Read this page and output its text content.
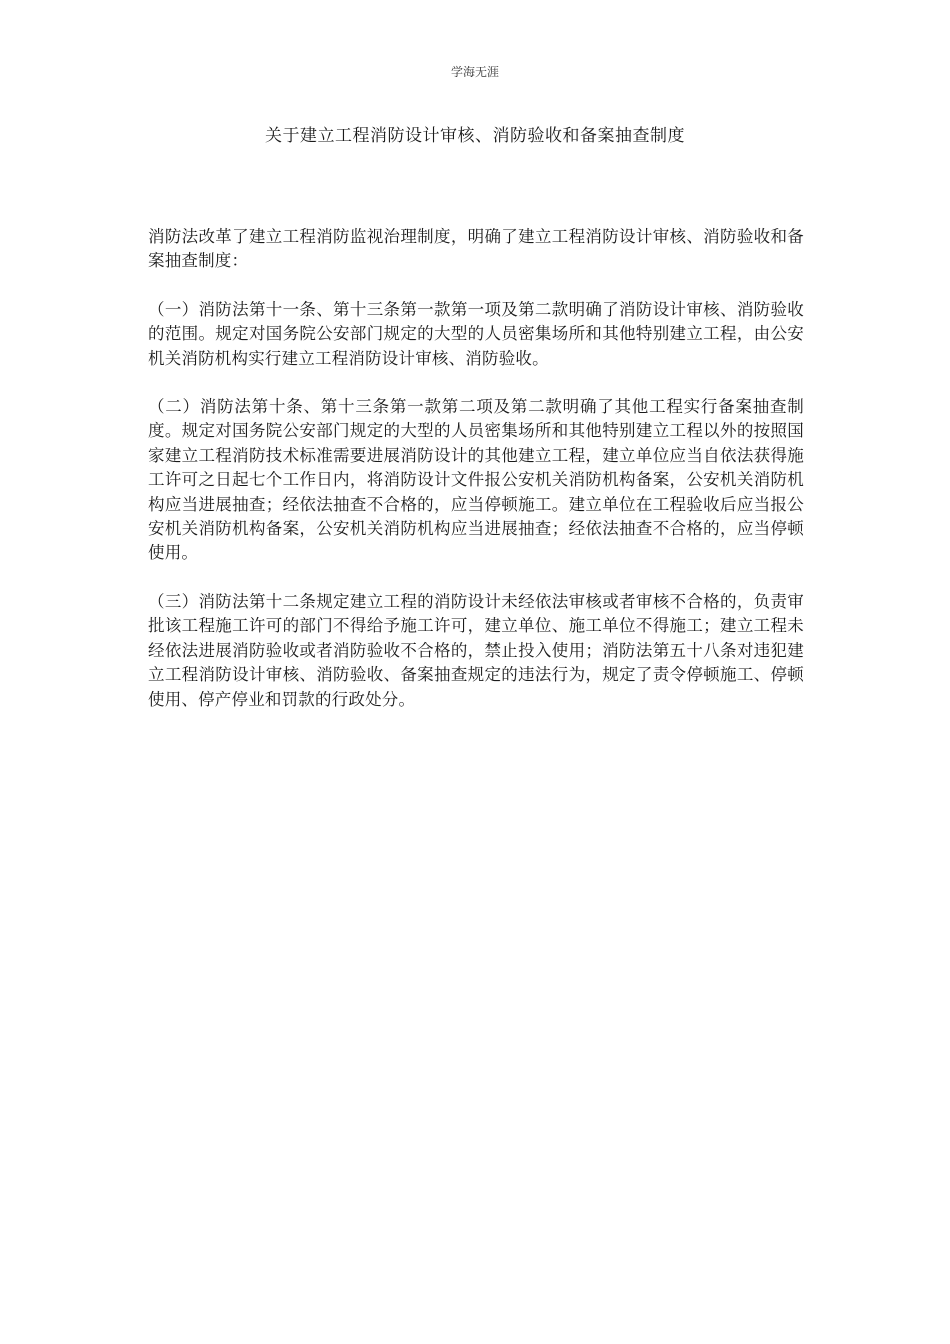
学海无涯
关于建立工程消防设计审核、消防验收和备案抽查制度

消防法改革了建立工程消防监视治理制度，明确了建立工程消防设计审核、消防验收和备案抽查制度：

（一）消防法第十一条、第十三条第一款第一项及第二款明确了消防设计审核、消防验收的范围。规定对国务院公安部门规定的大型的人员密集场所和其他特别建立工程，由公安机关消防机构实行建立工程消防设计审核、消防验收。

（二）消防法第十条、第十三条第一款第二项及第二款明确了其他工程实行备案抽查制度。规定对国务院公安部门规定的大型的人员密集场所和其他特别建立工程以外的按照国家建立工程消防技术标准需要进展消防设计的其他建立工程，建立单位应当自依法获得施工许可之日起七个工作日内，将消防设计文件报公安机关消防机构备案，公安机关消防机构应当进展抽查；经依法抽查不合格的，应当停顿施工。建立单位在工程验收后应当报公安机关消防机构备案，公安机关消防机构应当进展抽查；经依法抽查不合格的，应当停顿使用。

（三）消防法第十二条规定建立工程的消防设计未经依法审核或者审核不合格的，负责审批该工程施工许可的部门不得给予施工许可，建立单位、施工单位不得施工；建立工程未经依法进展消防验收或者消防验收不合格的，禁止投入使用；消防法第五十八条对违犯建立工程消防设计审核、消防验收、备案抽查规定的违法行为，规定了责令停顿施工、停顿使用、停产停业和罚款的行政处分。
